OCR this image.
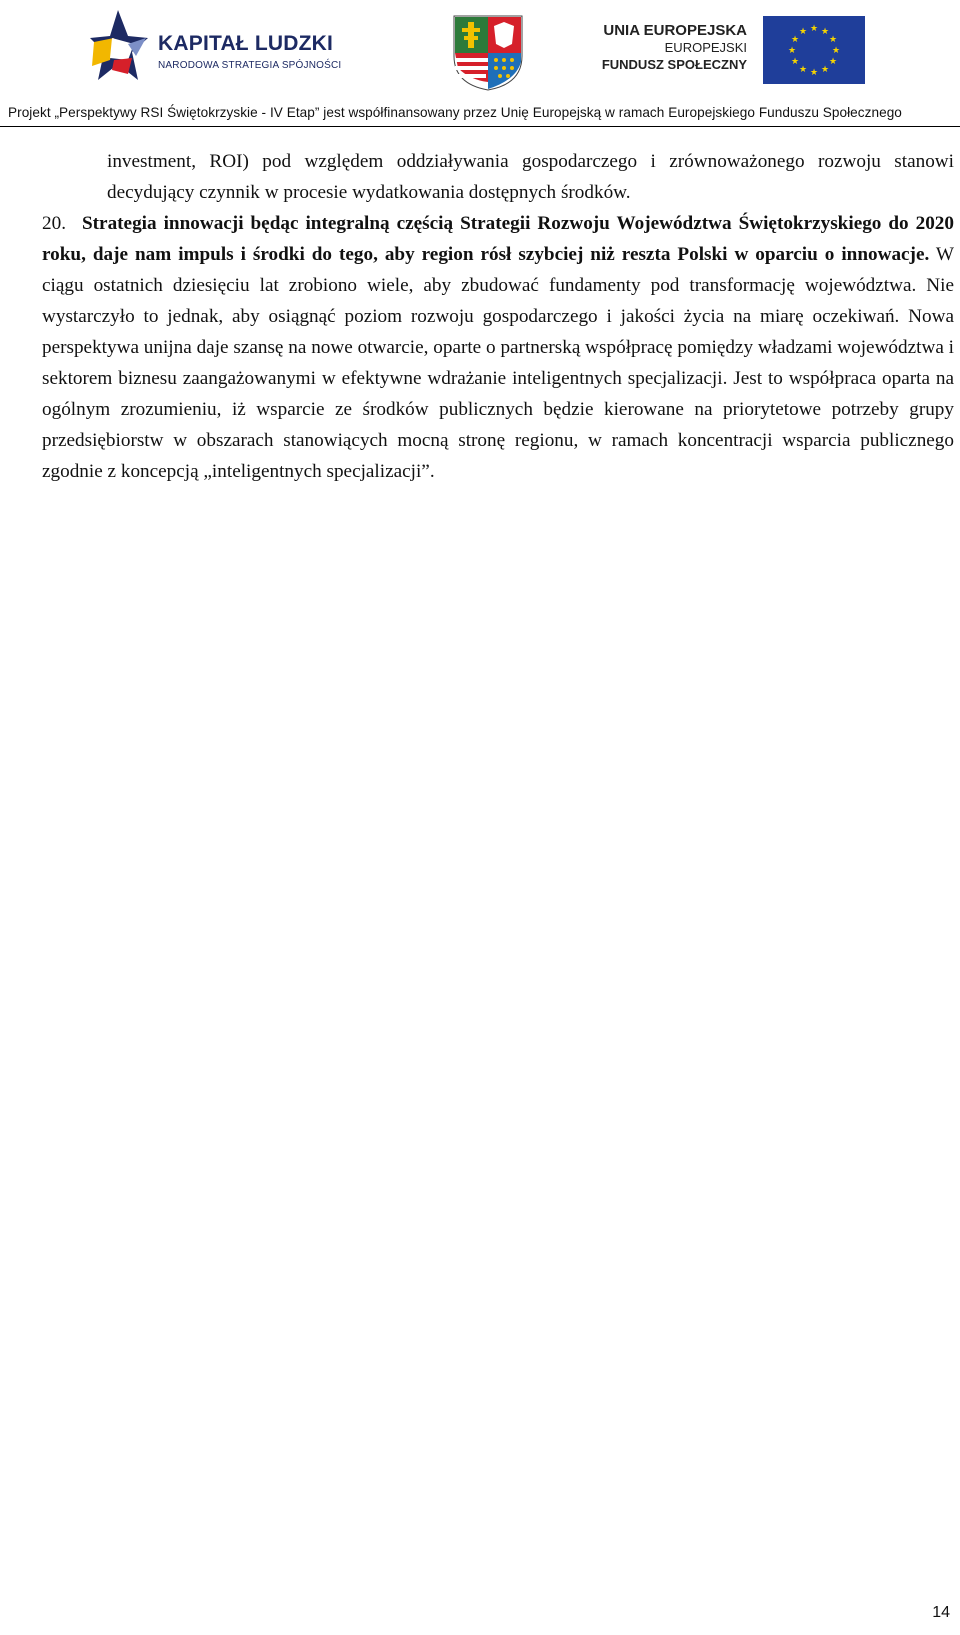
KAPITAŁ LUDZKI
NARODOWA STRATEGIA SPÓJNOŚCI
UNIA EUROPEJSKA
EUROPEJSKI
FUNDUSZ SPOŁECZNY
★ ★
★
★
★
★
★
★
★
★
★
★
Projekt „Perspektywy RSI Świętokrzyskie - IV Etap” jest współfinansowany przez Unię Europejską w ramach Europejskiego Funduszu Społecznego
investment, ROI) pod względem oddziaływania gospodarczego i zrównoważonego rozwoju stanowi decydujący czynnik w procesie wydatkowania dostępnych środków.
20. Strategia innowacji będąc integralną częścią Strategii Rozwoju Województwa Świętokrzyskiego do 2020 roku, daje nam impuls i środki do tego, aby region rósł szybciej niż reszta Polski w oparciu o innowacje. W ciągu ostatnich dziesięciu lat zrobiono wiele, aby zbudować fundamenty pod transformację województwa. Nie wystarczyło to jednak, aby osiągnąć poziom rozwoju gospodarczego i jakości życia na miarę oczekiwań. Nowa perspektywa unijna daje szansę na nowe otwarcie, oparte o partnerską współpracę pomiędzy władzami województwa i sektorem biznesu zaangażowanymi w efektywne wdrażanie inteligentnych specjalizacji. Jest to współpraca oparta na ogólnym zrozumieniu, iż wsparcie ze środków publicznych będzie kierowane na priorytetowe potrzeby grupy przedsiębiorstw w obszarach stanowiących mocną stronę regionu, w ramach koncentracji wsparcia publicznego zgodnie z koncepcją „inteligentnych specjalizacji”.
14
